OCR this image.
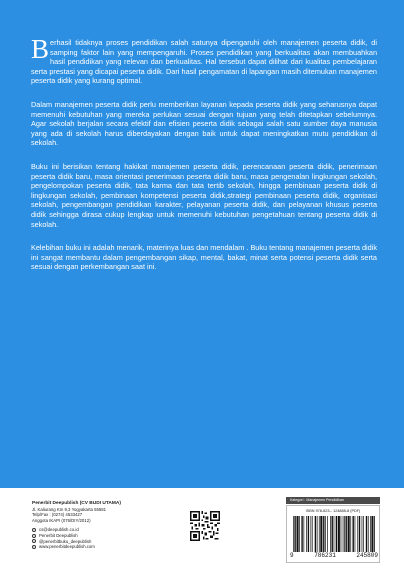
Berhasil tidaknya proses pendidikan salah satunya dipengaruhi oleh manajemen peserta didik, di samping faktor lain yang mempengaruhi. Proses pendidikan yang berkualitas akan membuahkan hasil pendidikan yang relevan dan berkualitas. Hal tersebut dapat dilihat dari kualitas pembelajaran serta prestasi yang dicapai peserta didik. Dari hasil pengamatan di lapangan masih ditemukan manajemen peserta didik yang kurang optimal.

Dalam manajemen peserta didik perlu memberikan layanan kepada peserta didik yang seharusnya dapat memenuhi kebutuhan yang mereka perlukan sesuai dengan tujuan yang telah ditetapkan sebelumnya. Agar sekolah berjalan secara efektif dan efisien peserta didik sebagai salah satu sumber daya manusia yang ada di sekolah harus diberdayakan dengan baik untuk dapat meningkatkan mutu pendidikan di sekolah.

Buku ini berisikan tentang hakikat manajemen peserta didik, perencanaan peserta didik, penerimaan peserta didik baru, masa orientasi penerimaan peserta didik baru, masa pengenalan lingkungan sekolah, pengelompokan peserta didik, tata karma dan tata tertib sekolah, hingga pembinaan peserta didik di lingkungan sekolah, pembinaan kompetensi peserta didik,strategi pembinaan peserta didik, organisasi sekolah, pengembangan pendidikan karakter, pelayanan peserta didik, dan pelayanan khusus peserta didik sehingga dirasa cukup lengkap untuk memenuhi kebutuhan pengetahuan tentang peserta didik di sekolah.

Kelebihan buku ini adalah menarik, materinya luas dan mendalam . Buku tentang manajemen peserta didik ini sangat membantu dalam pengembangan sikap, mental, bakat, minat serta potensi peserta didik serta sesuai dengan perkembangan saat ini.

Penerbit Deepublish (CV BUDI UTAMA)
Jl. Kaliurang Km 9,3 Yogyakarta 55581
Telp/Fax : (0274) 4533427
Anggota IKAPI (076/DIY/2012)
cs@deepublish.co.id
Penerbit Deepublish
@penerbitbuku_deepublish
www.penerbitdeepublish.com
Kategori : Manajemen Pendidikan
ISBN 978-623-- 124888-8 (PDF)
9	786231	245809
